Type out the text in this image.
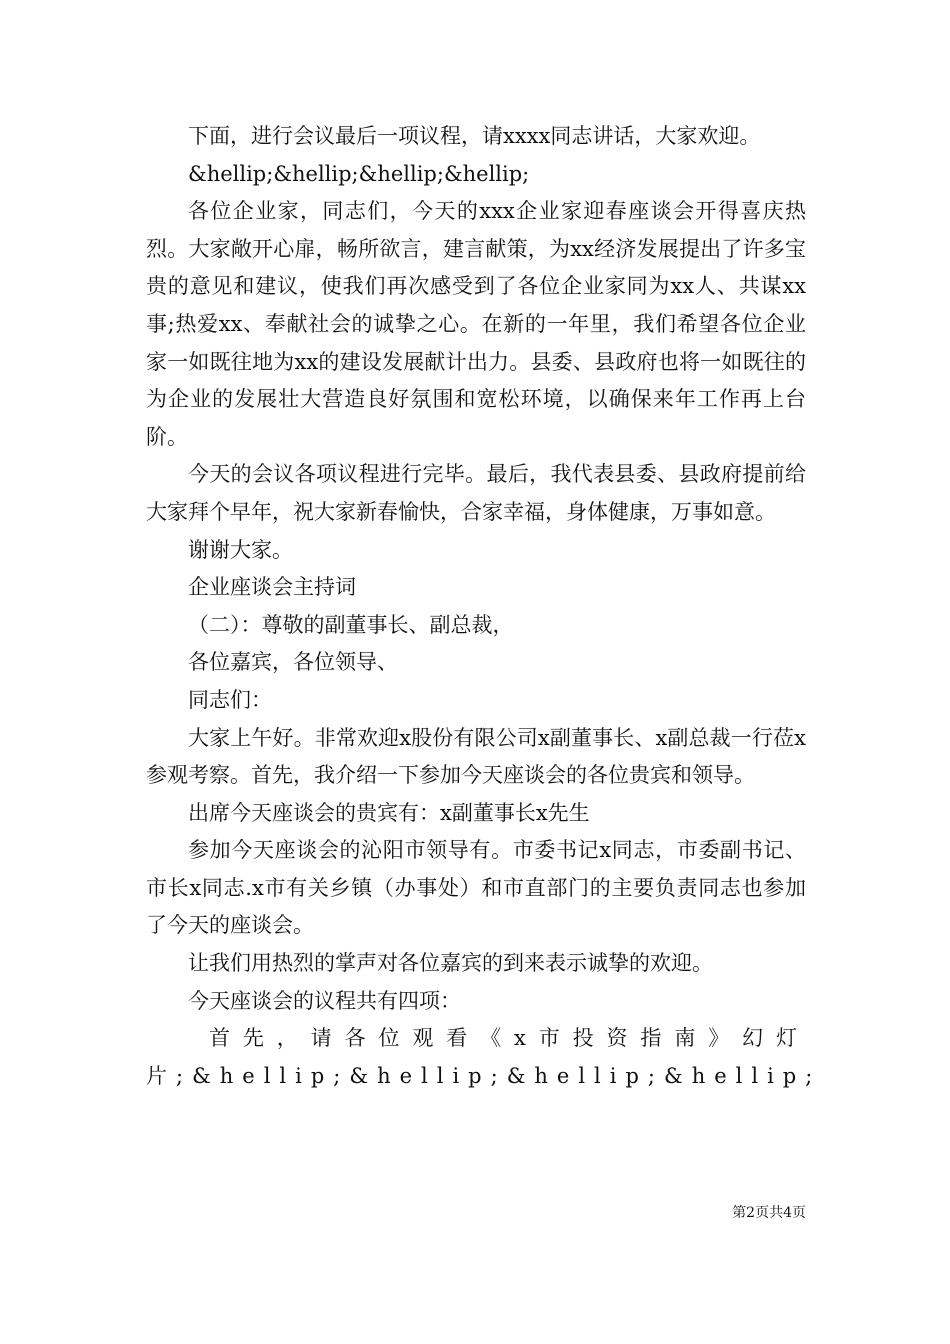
下面，进行会议最后一项议程，请xxxx同志讲话，大家欢迎。

&hellip;&hellip;&hellip;&hellip;

各位企业家，同志们，今天的xxx企业家迎春座谈会开得喜庆热烈。大家敞开心扉，畅所欲言，建言献策，为xx经济发展提出了许多宝贵的意见和建议，使我们再次感受到了各位企业家同为xx人、共谋xx事;热爱xx、奉献社会的诚挚之心。在新的一年里，我们希望各位企业家一如既往地为xx的建设发展献计出力。县委、县政府也将一如既往的为企业的发展壮大营造良好氛围和宽松环境，以确保来年工作再上台阶。

今天的会议各项议程进行完毕。最后，我代表县委、县政府提前给大家拜个早年，祝大家新春愉快，合家幸福，身体健康，万事如意。

谢谢大家。

企业座谈会主持词

（二）：尊敬的副董事长、副总裁，

各位嘉宾，各位领导、

同志们：

大家上午好。非常欢迎x股份有限公司x副董事长、x副总裁一行莅x参观考察。首先，我介绍一下参加今天座谈会的各位贵宾和领导。

出席今天座谈会的贵宾有：x副董事长x先生

参加今天座谈会的沁阳市领导有。市委书记x同志，市委副书记、市长x同志.x市有关乡镇（办事处）和市直部门的主要负责同志也参加了今天的座谈会。

让我们用热烈的掌声对各位嘉宾的到来表示诚挚的欢迎。

今天座谈会的议程共有四项：

首先，请各位观看《x市投资指南》幻灯片;&hellip;&hellip;&hellip;&hellip;

第2页共4页
